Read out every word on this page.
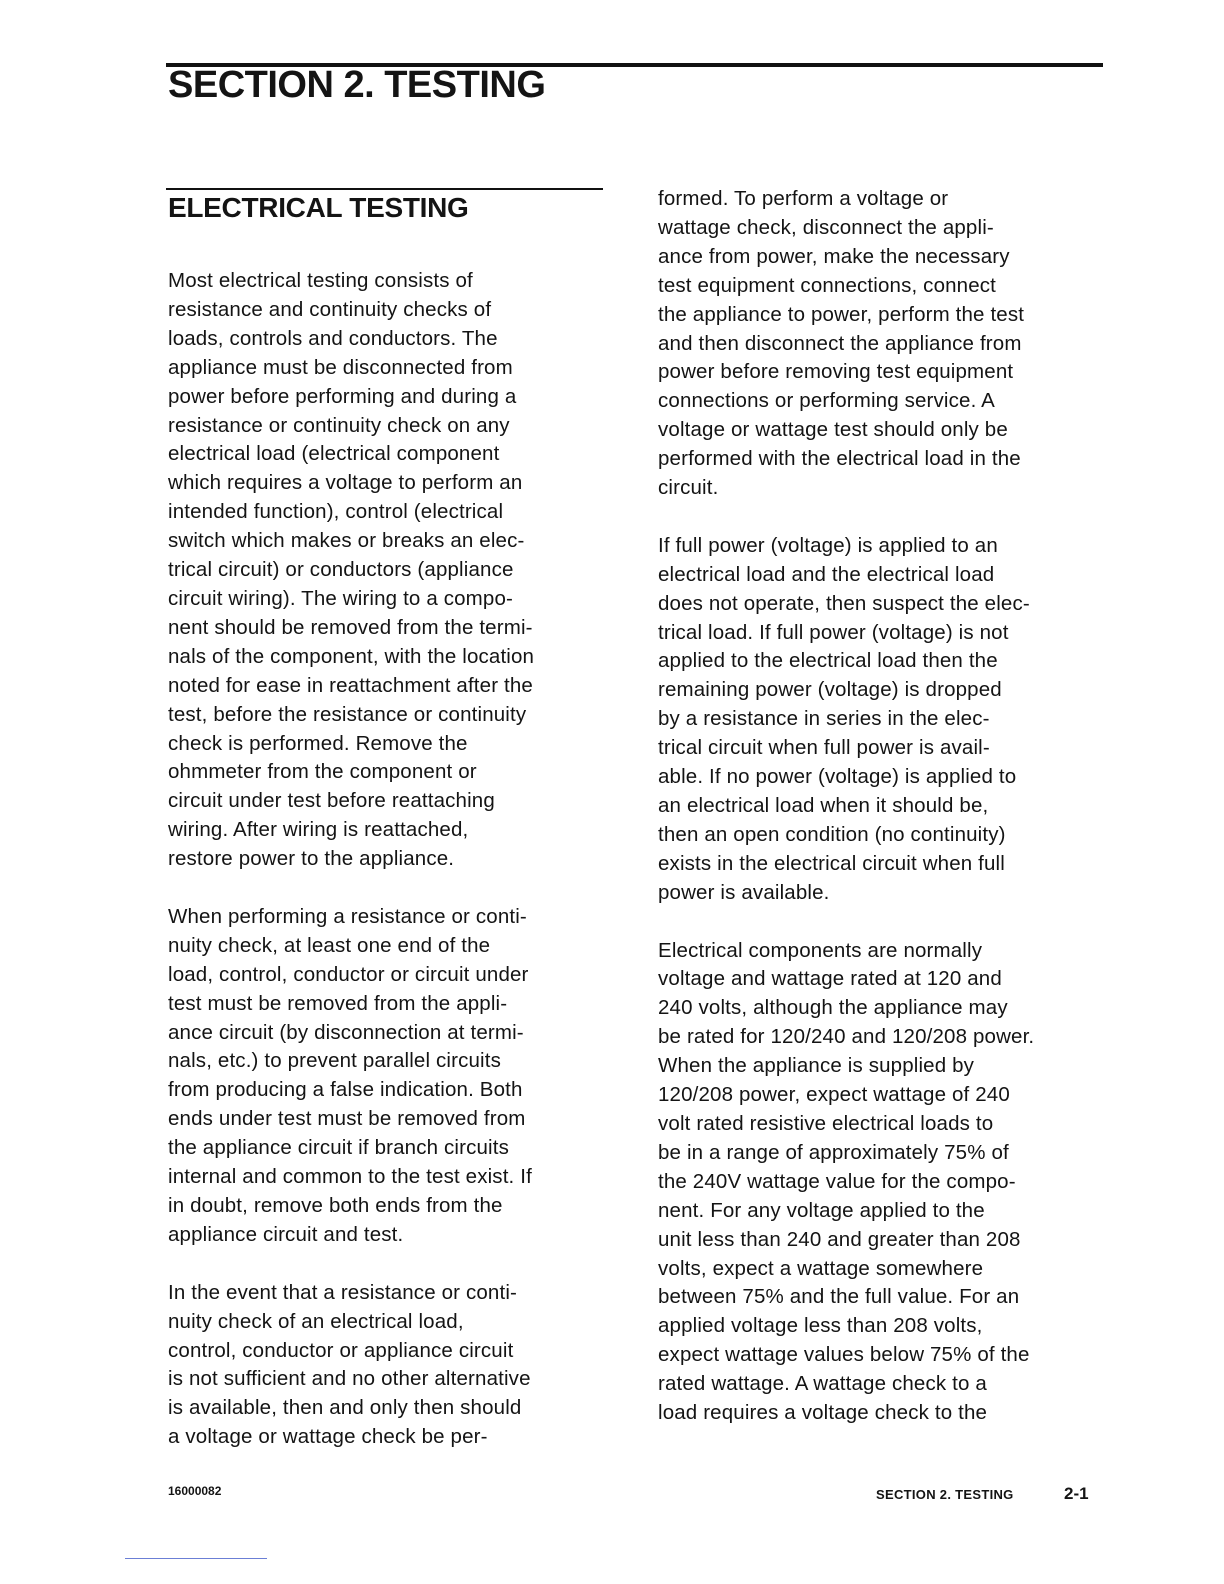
SECTION 2. TESTING
ELECTRICAL TESTING

Most electrical testing consists of
resistance and continuity checks of
loads, controls and conductors. The
appliance must be disconnected from
power before performing and during a
resistance or continuity check on any
electrical load (electrical component
which requires a voltage to perform an
intended function), control (electrical
switch which makes or breaks an elec-
trical circuit) or conductors (appliance
circuit wiring). The wiring to a compo-
nent should be removed from the termi-
nals of the component, with the location
noted for ease in reattachment after the
test, before the resistance or continuity
check is performed. Remove the
ohmmeter from the component or
circuit under test before reattaching
wiring. After wiring is reattached,
restore power to the appliance.

When performing a resistance or conti-
nuity check, at least one end of the
load, control, conductor or circuit under
test must be removed from the appli-
ance circuit (by disconnection at termi-
nals, etc.) to prevent parallel circuits
from producing a false indication. Both
ends under test must be removed from
the appliance circuit if branch circuits
internal and common to the test exist. If
in doubt, remove both ends from the
appliance circuit and test.

In the event that a resistance or conti-
nuity check of an electrical load,
control, conductor or appliance circuit
is not sufficient and no other alternative
is available, then and only then should
a voltage or wattage check be per-

formed. To perform a voltage or
wattage check, disconnect the appli-
ance from power, make the necessary
test equipment connections, connect
the appliance to power, perform the test
and then disconnect the appliance from
power before removing test equipment
connections or performing service. A
voltage or wattage test should only be
performed with the electrical load in the
circuit.

If full power (voltage) is applied to an
electrical load and the electrical load
does not operate, then suspect the elec-
trical load. If full power (voltage) is not
applied to the electrical load then the
remaining power (voltage) is dropped
by a resistance in series in the elec-
trical circuit when full power is avail-
able. If no power (voltage) is applied to
an electrical load when it should be,
then an open condition (no continuity)
exists in the electrical circuit when full
power is available.

Electrical components are normally
voltage and wattage rated at 120 and
240 volts, although the appliance may
be rated for 120/240 and 120/208 power.
When the appliance is supplied by
120/208 power, expect wattage of 240
volt rated resistive electrical loads to
be in a range of approximately 75% of
the 240V wattage value for the compo-
nent. For any voltage applied to the
unit less than 240 and greater than 208
volts, expect a wattage somewhere
between 75% and the full value. For an
applied voltage less than 208 volts,
expect wattage values below 75% of the
rated wattage. A wattage check to a
load requires a voltage check to the

16000082	SECTION 2. TESTING	2-1
